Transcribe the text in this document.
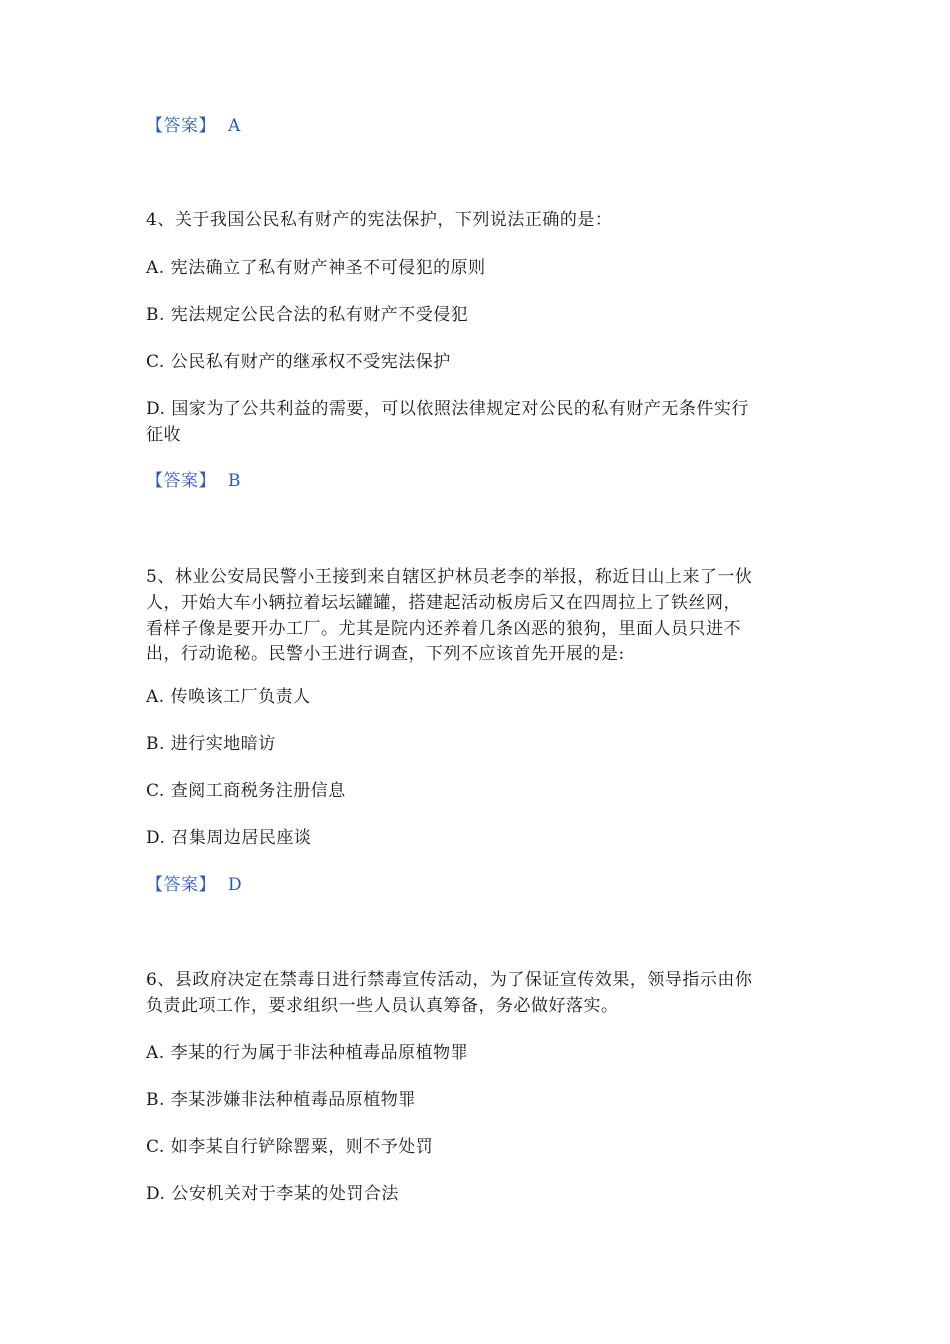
【答案】 A
4、关于我国公民私有财产的宪法保护，下列说法正确的是：
A. 宪法确立了私有财产神圣不可侵犯的原则
B. 宪法规定公民合法的私有财产不受侵犯
C. 公民私有财产的继承权不受宪法保护
D. 国家为了公共利益的需要，可以依照法律规定对公民的私有财产无条件实行
征收
【答案】 B
5、林业公安局民警小王接到来自辖区护林员老李的举报，称近日山上来了一伙
人，开始大车小辆拉着坛坛罐罐，搭建起活动板房后又在四周拉上了铁丝网，
看样子像是要开办工厂。尤其是院内还养着几条凶恶的狼狗，里面人员只进不
出，行动诡秘。民警小王进行调查，下列不应该首先开展的是:
A. 传唤该工厂负责人
B. 进行实地暗访
C. 查阅工商税务注册信息
D. 召集周边居民座谈
【答案】 D
6、县政府决定在禁毒日进行禁毒宣传活动，为了保证宣传效果，领导指示由你
负责此项工作，要求组织一些人员认真筹备，务必做好落实。
A. 李某的行为属于非法种植毒品原植物罪
B. 李某涉嫌非法种植毒品原植物罪
C. 如李某自行铲除罂粟，则不予处罚
D. 公安机关对于李某的处罚合法
